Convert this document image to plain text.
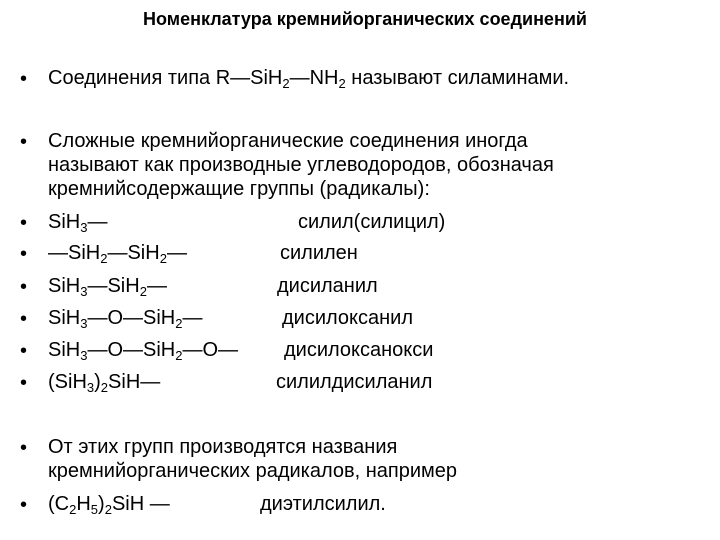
Номенклатура кремнийорганических соединений
• Соединения типа $R—SiH_2—NH_2$ называют силаминами.
• Сложные кремнийорганические соединения иногда
называют как производные углеводородов, обозначая
кремнийсодержащие группы (радикалы):
• SiH$_3$—	силил(силицил)
• —SiH$_2$—SiH$_2$—	силилен
• SiH$_3$—SiH$_2$—	дисиланил
• SiH$_3$—O—SiH$_2$—	дисилоксанил
• SiH$_3$—O—SiH$_2$—O— дисилоксанокси
• $(SiH_3)_2SiH—$	силилдисиланил
• От этих групп производятся названия
кремнийорганических радикалов, например
• $(C_2H_5)_2SiH$ —	диэтилсилил.
